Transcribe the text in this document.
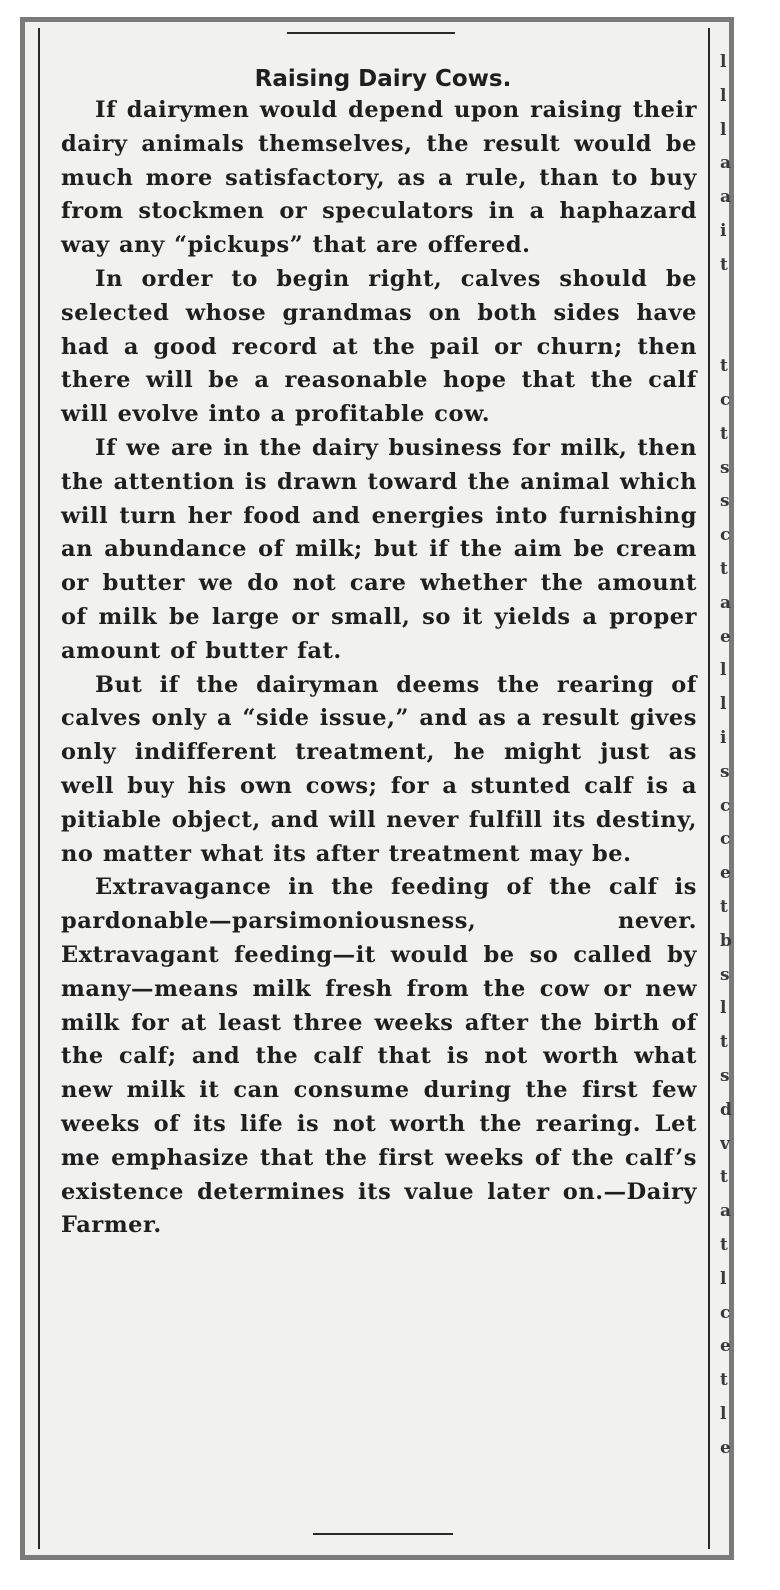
l
l
l
a
a
i
t
t
c
t
s
s
c
t
a
e
l
l
i
s
c
c
e
t
b
s
l
t
s
d
v
t
a
t
l
c
e
t
l
e
Raising Dairy Cows.

If dairymen would depend upon raising their dairy animals themselves, the result would be much more satisfactory, as a rule, than to buy from stockmen or speculators in a haphazard way any “pickups” that are offered.

In order to begin right, calves should be selected whose grandmas on both sides have had a good record at the pail or churn; then there will be a reasonable hope that the calf will evolve into a profitable cow.

If we are in the dairy business for milk, then the attention is drawn toward the animal which will turn her food and energies into furnishing an abundance of milk; but if the aim be cream or butter we do not care whether the amount of milk be large or small, so it yields a proper amount of butter fat.

But if the dairyman deems the rearing of calves only a “side issue,” and as a result gives only indifferent treatment, he might just as well buy his own cows; for a stunted calf is a pitiable object, and will never fulfill its destiny, no matter what its after treatment may be.

Extravagance in the feeding of the calf is pardonable—parsimoniousness, never. Extravagant feeding—it would be so called by many—means milk fresh from the cow or new milk for at least three weeks after the birth of the calf; and the calf that is not worth what new milk it can consume during the first few weeks of its life is not worth the rearing. Let me emphasize that the first weeks of the calf’s existence determines its value later on.—Dairy Farmer.
